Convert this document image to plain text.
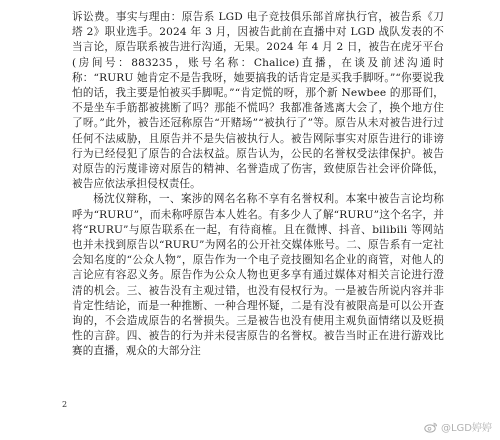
诉讼费。事实与理由：原告系 LGD 电子竞技俱乐部首席执行官，被告系《刀塔 2》职业选手。2024 年 3 月，因被告此前在直播中对 LGD 战队发表的不当言论，原告联系被告进行沟通，无果。2024 年 4 月 2 日，被告在虎牙平台(房间号：883235，账号名称：Chalice)直播，在谈及前述沟通时称：“RURU 她肯定不是告我呀，她要搞我的话肯定是买我手脚呀。”“你要说我怕的话，我主要是怕被买手脚呢。”“肯定慌的呀，那个新 Newbee 的那哥们，不是坐车手筋都被挑断了吗？那能不慌吗？我都准备逃离大会了，换个地方住了呀。”此外，被告还冠称原告“开赌场”“被执行了”等。原告从未对被告进行过任何不法威胁，且原告并不是失信被执行人。被告网际事实对原告进行的诽谤行为已经侵犯了原告的合法权益。原告认为，公民的名誉权受法律保护。被告对原告的污蔑诽谤对原告的精神、名誉造成了伤害，致使原告社会评价降低，被告应依法承担侵权责任。

杨沈仪辩称，一、案涉的网名名称不享有名誉权利。本案中被告言论均称呼为“RURU”，而未称呼原告本人姓名。有多少人了解“RURU”这个名字，并将“RURU”与原告联系在一起，有待商榷。且在微博、抖音、bilibili 等网站也并未找到原告以“RURU”为网名的公开社交媒体账号。二、原告系有一定社会知名度的“公众人物”，原告作为一个电子竞技圈知名企业的商管，对他人的言论应有容忍义务。原告作为公众人物也更多享有通过媒体对相关言论进行澄清的机会。三、被告没有主观过错，也没有侵权行为。一是被告所说内容并非肯定性结论，而是一种推断、一种合理怀疑，二是有没有被限高是可以公开查询的，不会造成原告的名誉损失。三是被告也没有使用主观负面情绪以及贬损性的言辞。四、被告的行为并未侵害原告的名誉权。被告当时正在进行游戏比赛的直播，观众的大部分注

2
@LGD婷婷
